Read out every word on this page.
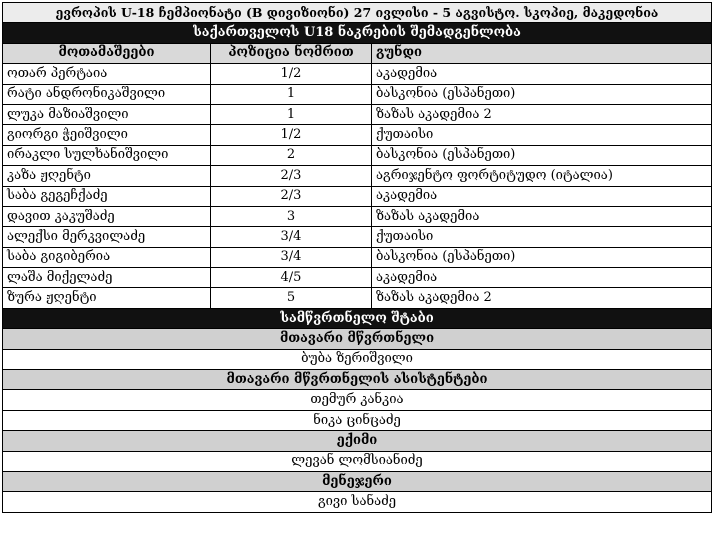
ევროპის U-18 ჩემპიონატი (B დივიზიონი) 27 ივლისი - 5 აგვისტო. სკოპიე, მაკედონია		
საქართველოს U18 ნაკრების შემადგენლობა		
მოთამაშეები	პოზიცია ნომრით	გუნდი
ოთარ პერტაია	1/2	აკადემია
რატი ანდრონიკაშვილი	1	ბასკონია (ესპანეთი)
ლუკა მაზიაშვილი	1	ზაზას აკადემია 2
გიორგი ჭეიშვილი	1/2	ქუთაისი
ირაკლი სულხანიშვილი	2	ბასკონია (ესპანეთი)
კაზა ჟღენტი	2/3	აგრიჯენტო ფორტიტუდო (იტალია)
საბა გეგეჩქაძე	2/3	აკადემია
დავით კაკუშაძე	3	ზაზას აკადემია
ალექსი მერკვილაძე	3/4	ქუთაისი
საბა გიგიბერია	3/4	ბასკონია (ესპანეთი)
ლაშა მიქელაძე	4/5	აკადემია
ზურა ჟღენტი	5	ზაზას აკადემია 2
სამწვრთნელო შტაბი		
მთავარი მწვრთნელი		
ბუბა ზერიშვილი		
მთავარი მწვრთნელის ასისტენტები		
თემურ კანკია		
ნიკა ცინცაძე		
ექიმი		
ლევან ლომსიანიძე		
მენეჯერი		
გივი სანაძე		
